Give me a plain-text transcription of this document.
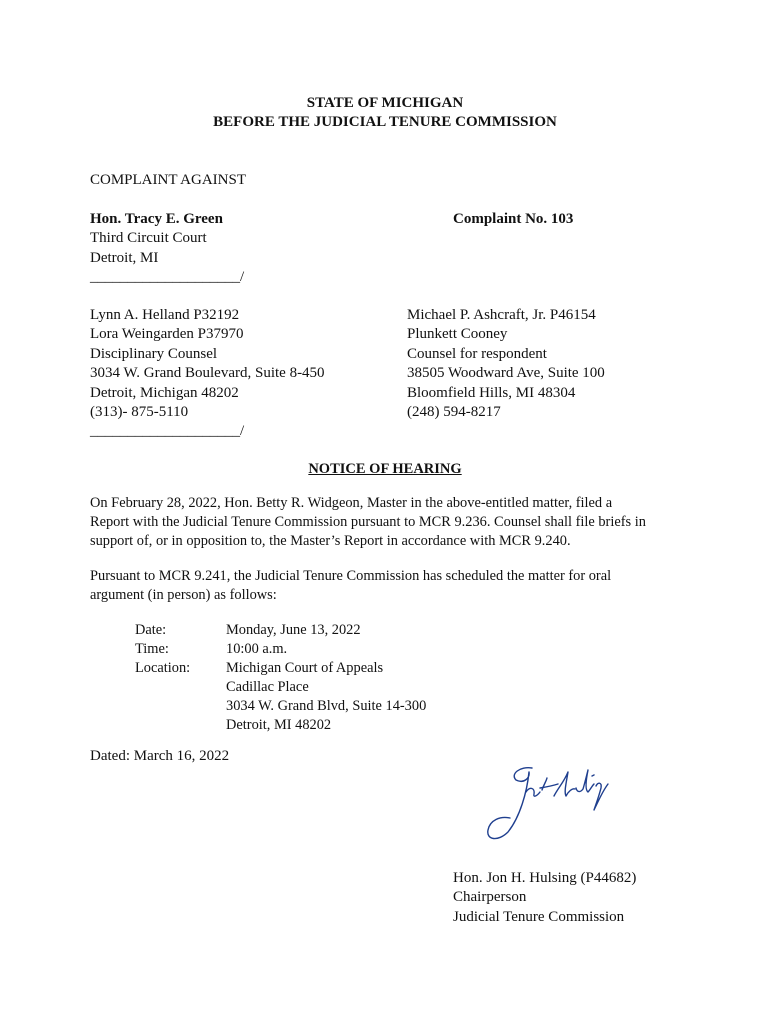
STATE OF MICHIGAN
BEFORE THE JUDICIAL TENURE COMMISSION
COMPLAINT AGAINST
Hon. Tracy E. Green
Third Circuit Court
Detroit, MI
____________________/
Complaint No. 103
Lynn A. Helland P32192
Lora Weingarden P37970
Disciplinary Counsel
3034 W. Grand Boulevard, Suite 8-450
Detroit, Michigan 48202
(313)- 875-5110
____________________/
Michael P. Ashcraft, Jr. P46154
Plunkett Cooney
Counsel for respondent
38505 Woodward Ave, Suite 100
Bloomfield Hills, MI 48304
(248) 594-8217
NOTICE OF HEARING
On February 28, 2022, Hon. Betty R. Widgeon, Master in the above-entitled matter, filed a
Report with the Judicial Tenure Commission pursuant to MCR 9.236. Counsel shall file briefs in
support of, or in opposition to, the Master’s Report in accordance with MCR 9.240.
Pursuant to MCR 9.241, the Judicial Tenure Commission has scheduled the matter for oral
argument (in person) as follows:
Date:	Monday, June 13, 2022
Time:	10:00 a.m.
Location:	Michigan Court of Appeals
Cadillac Place
3034 W. Grand Blvd, Suite 14-300
Detroit, MI 48202
Dated: March 16, 2022
Hon. Jon H. Hulsing (P44682)
Chairperson
Judicial Tenure Commission
